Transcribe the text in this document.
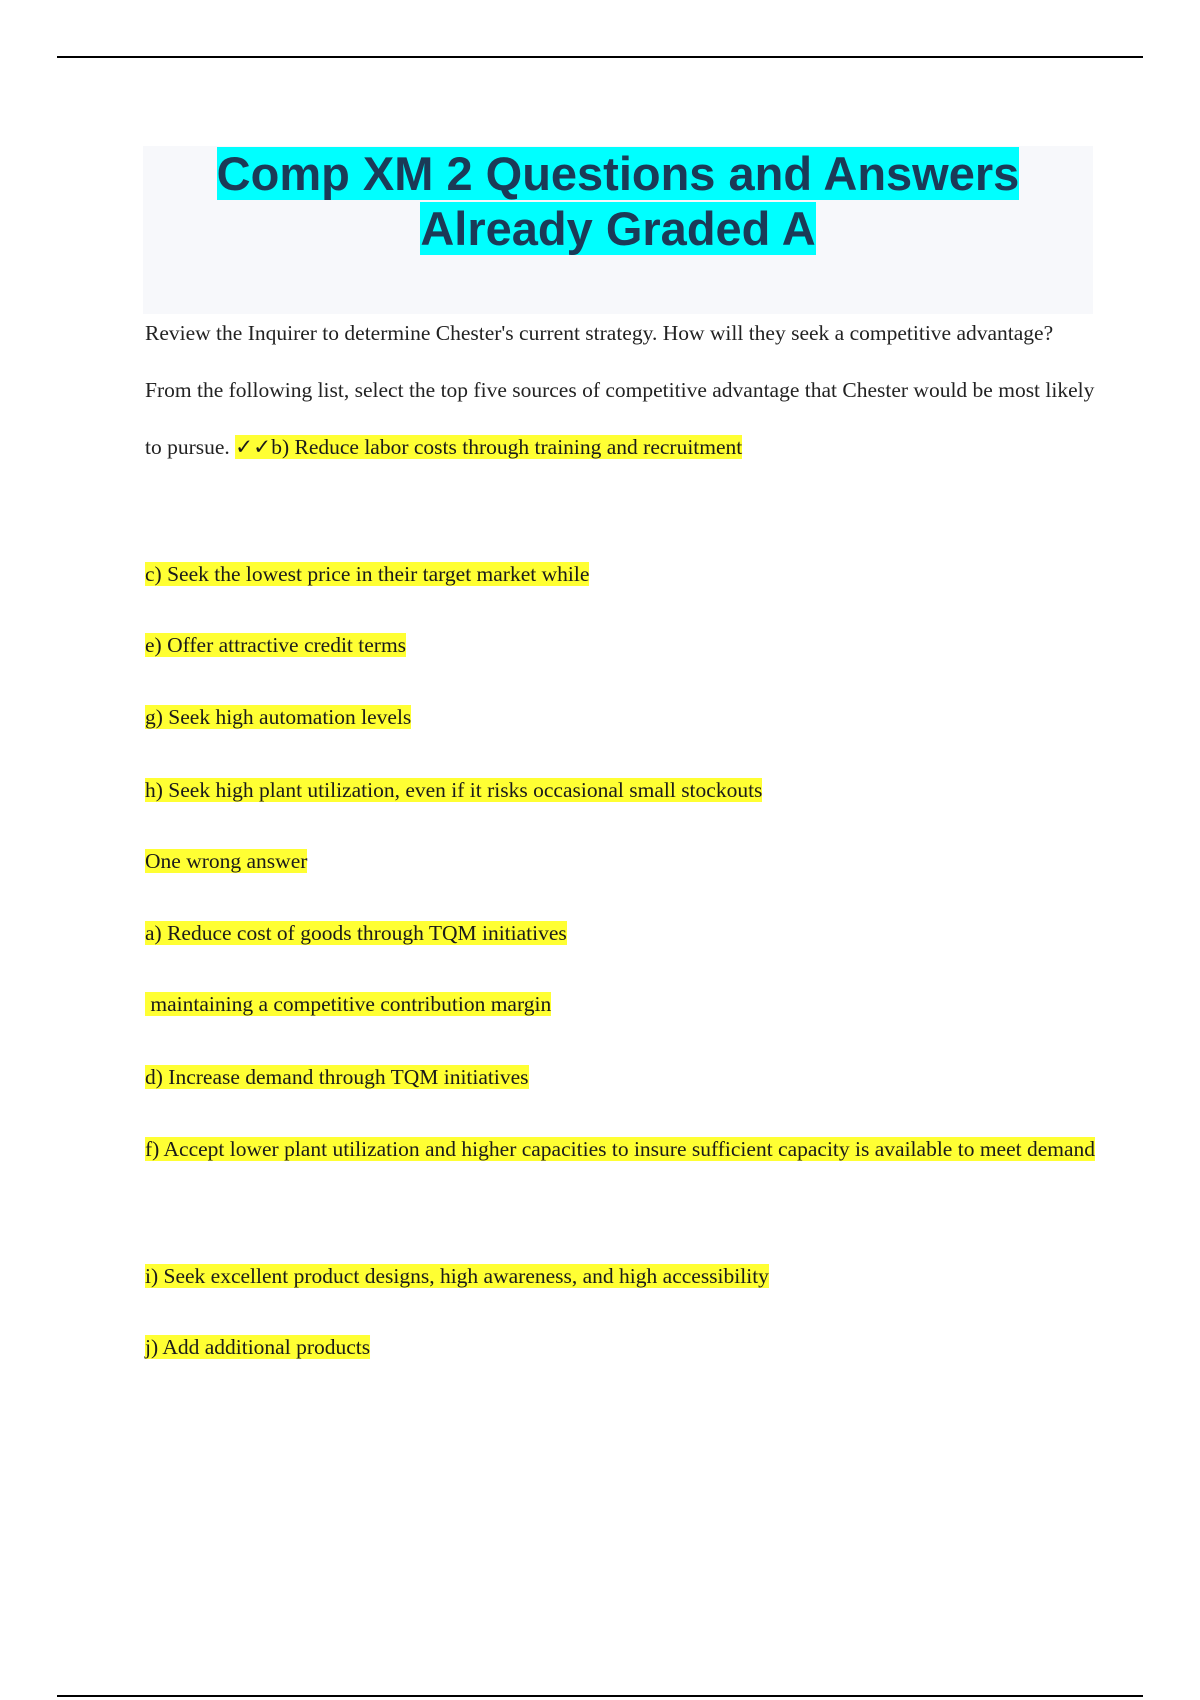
Comp XM 2 Questions and Answers Already Graded A
Review the Inquirer to determine Chester's current strategy. How will they seek a competitive advantage? From the following list, select the top five sources of competitive advantage that Chester would be most likely to pursue. ✓✓b) Reduce labor costs through training and recruitment
c) Seek the lowest price in their target market while
e) Offer attractive credit terms
g) Seek high automation levels
h) Seek high plant utilization, even if it risks occasional small stockouts
One wrong answer
a) Reduce cost of goods through TQM initiatives
maintaining a competitive contribution margin
d) Increase demand through TQM initiatives
f) Accept lower plant utilization and higher capacities to insure sufficient capacity is available to meet demand
i) Seek excellent product designs, high awareness, and high accessibility
j) Add additional products
